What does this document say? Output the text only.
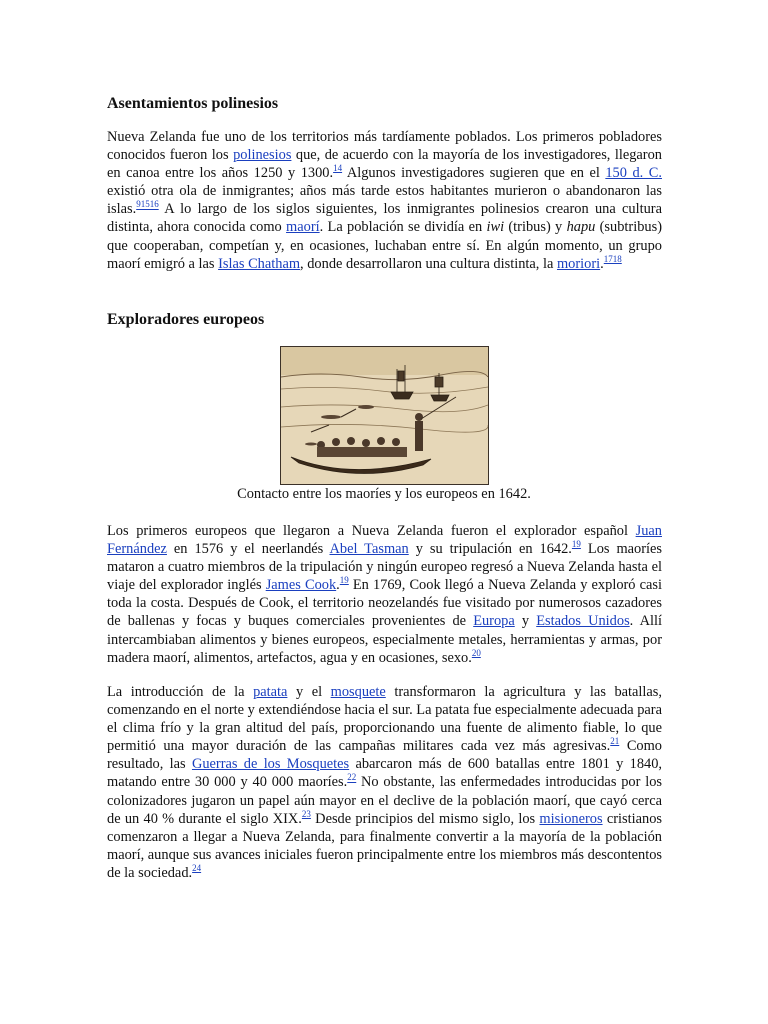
Asentamientos polinesios

Nueva Zelanda fue uno de los territorios más tardíamente poblados. Los primeros pobladores conocidos fueron los polinesios que, de acuerdo con la mayoría de los investigadores, llegaron en canoa entre los años 1250 y 1300.14 Algunos investigadores sugieren que en el 150 d. C. existió otra ola de inmigrantes; años más tarde estos habitantes murieron o abandonaron las islas.$^{91516}$ A lo largo de los siglos siguientes, los inmigrantes polinesios crearon una cultura distinta, ahora conocida como maorí. La población se dividía en iwi (tribus) y hapu (subtribus) que cooperaban, competían y, en ocasiones, luchaban entre sí. En algún momento, un grupo maorí emigró a las Islas Chatham, donde desarrollaron una cultura distinta, la moriori.$^{1718}$

Exploradores europeos
Contacto entre los maoríes y los europeos en 1642.

Los primeros europeos que llegaron a Nueva Zelanda fueron el explorador español Juan Fernández en 1576 y el neerlandés Abel Tasman y su tripulación en 1642.19 Los maoríes mataron a cuatro miembros de la tripulación y ningún europeo regresó a Nueva Zelanda hasta el viaje del explorador inglés James Cook.$^{19}$ En 1769, Cook llegó a Nueva Zelanda y exploró casi toda la costa. Después de Cook, el territorio neozelandés fue visitado por numerosos cazadores de ballenas y focas y buques comerciales provenientes de Europa y Estados Unidos. Allí intercambiaban alimentos y bienes europeos, especialmente metales, herramientas y armas, por madera maorí, alimentos, artefactos, agua y en ocasiones, sexo.$^{20}$

La introducción de la patata y el mosquete transformaron la agricultura y las batallas, comenzando en el norte y extendiéndose hacia el sur. La patata fue especialmente adecuada para el clima frío y la gran altitud del país, proporcionando una fuente de alimento fiable, lo que permitió una mayor duración de las campañas militares cada vez más agresivas.$^{21}$ Como resultado, las Guerras de los Mosquetes abarcaron más de 600 batallas entre 1801 y 1840, matando entre 30 000 y 40 000 maoríes.$^{22}$ No obstante, las enfermedades introducidas por los colonizadores jugaron un papel aún mayor en el declive de la población maorí, que cayó cerca de un 40 % durante el siglo XIX.$^{23}$ Desde principios del mismo siglo, los misioneros cristianos comenzaron a llegar a Nueva Zelanda, para finalmente convertir a la mayoría de la población maorí, aunque sus avances iniciales fueron principalmente entre los miembros más descontentos de la sociedad.$^{24}$
